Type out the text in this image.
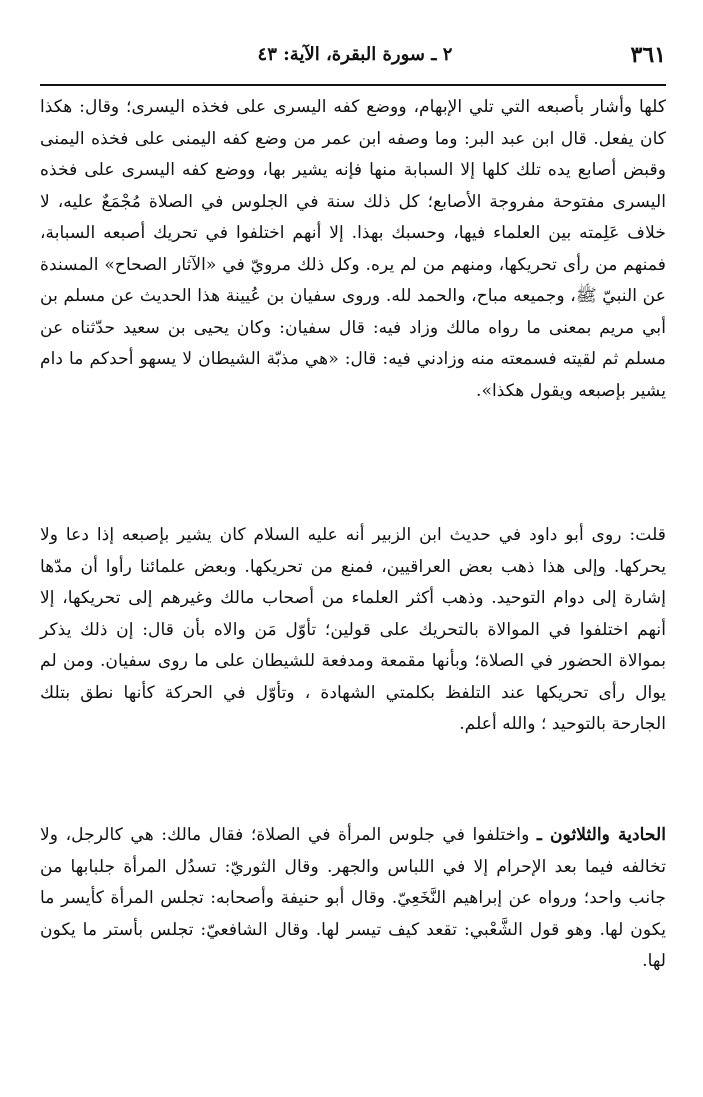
٣٦١
٢ ـ سورة البقرة، الآية: ٤٣

كلها وأشار بأصبعه التي تلي الإبهام، ووضع كفه اليسرى على فخذه اليسرى؛ وقال: هكذا كان يفعل. قال ابن عبد البر: وما وصفه ابن عمر من وضع كفه اليمنى على فخذه اليمنى وقبض أصابع يده تلك كلها إلا السبابة منها فإنه يشير بها، ووضع كفه اليسرى على فخذه اليسرى مفتوحة مفروجة الأصابع؛ كل ذلك سنة في الجلوس في الصلاة مُجْمَعٌ عليه، لا خلاف عَلِمته بين العلماء فيها، وحسبك بهذا. إلا أنهم اختلفوا في تحريك أصبعه السبابة، فمنهم من رأى تحريكها، ومنهم من لم يره. وكل ذلك مرويّ في «الآثار الصحاح» المسندة عن النبيّ ﷺ، وجميعه مباح، والحمد لله. وروى سفيان بن عُيينة هذا الحديث عن مسلم بن أبي مريم بمعنى ما رواه مالك وزاد فيه: قال سفيان: وكان يحيى بن سعيد حدّثناه عن مسلم ثم لقيته فسمعته منه وزادني فيه: قال: «هي مذبّة الشيطان لا يسهو أحدكم ما دام يشير بإصبعه ويقول هكذا».

قلت: روى أبو داود في حديث ابن الزبير أنه عليه السلام كان يشير بإصبعه إذا دعا ولا يحركها. وإلى هذا ذهب بعض العراقيين، فمنع من تحريكها. وبعض علمائنا رأوا أن مدّها إشارة إلى دوام التوحيد. وذهب أكثر العلماء من أصحاب مالك وغيرهم إلى تحريكها، إلا أنهم اختلفوا في الموالاة بالتحريك على قولين؛ تأوّل مَن والاه بأن قال: إن ذلك يذكر بموالاة الحضور في الصلاة؛ وبأنها مقمعة ومدفعة للشيطان على ما روى سفيان. ومن لم يوال رأى تحريكها عند التلفظ بكلمتي الشهادة ، وتأوّل في الحركة كأنها نطق بتلك الجارحة بالتوحيد ؛ والله أعلم.

الحادية والثلاثون ـ واختلفوا في جلوس المرأة في الصلاة؛ فقال مالك: هي كالرجل، ولا تخالفه فيما بعد الإحرام إلا في اللباس والجهر. وقال الثوريّ: تسدُل المرأة جلبابها من جانب واحد؛ ورواه عن إبراهيم النَّخَعِيّ. وقال أبو حنيفة وأصحابه: تجلس المرأة كأيسر ما يكون لها. وهو قول الشَّعْبي: تقعد كيف تيسر لها. وقال الشافعيّ: تجلس بأستر ما يكون لها.
